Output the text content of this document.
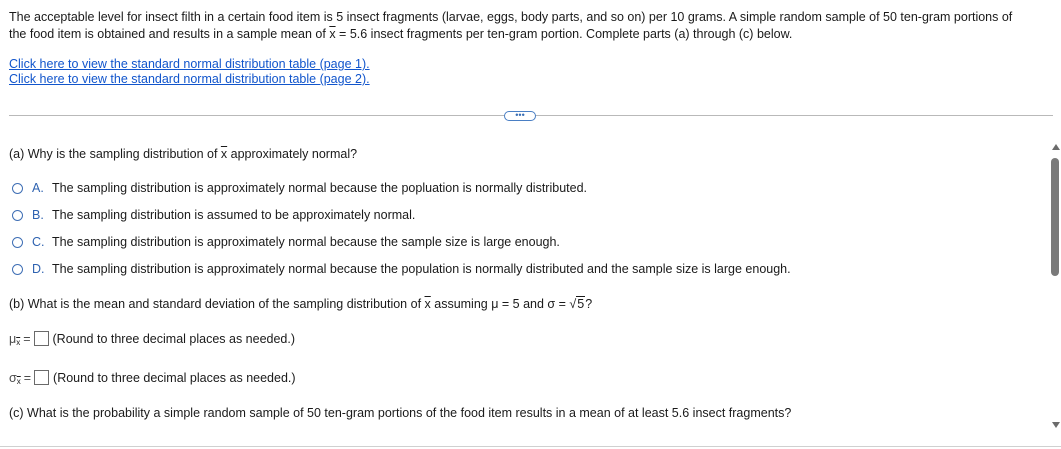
The acceptable level for insect filth in a certain food item is 5 insect fragments (larvae, eggs, body parts, and so on) per 10 grams. A simple random sample of 50 ten-gram portions of
the food item is obtained and results in a sample mean of $\overline{x} = 5.6$ insect fragments per ten-gram portion. Complete parts (a) through (c) below.
Click here to view the standard normal distribution table (page 1).
Click here to view the standard normal distribution table (page 2).
•••
(a) Why is the sampling distribution of $\overline{x}$ approximately normal?
A. The sampling distribution is approximately normal because the popluation is normally distributed.
B. The sampling distribution is assumed to be approximately normal.
C. The sampling distribution is approximately normal because the sample size is large enough.
D. The sampling distribution is approximately normal because the population is normally distributed and the sample size is large enough.
(b) What is the mean and standard deviation of the sampling distribution of $\overline{x}$ assuming μ = 5 and σ = √5?
μ $\overline{x}$ = (Round to three decimal places as needed.)
σ $\overline{x}$ = (Round to three decimal places as needed.)
(c) What is the probability a simple random sample of 50 ten-gram portions of the food item results in a mean of at least 5.6 insect fragments?
